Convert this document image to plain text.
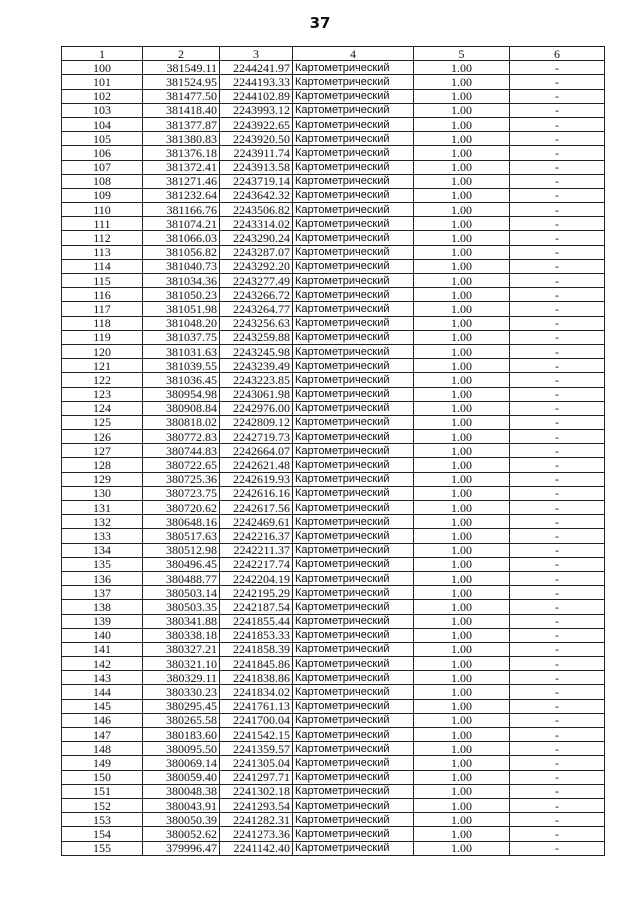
37
1	2	3	4	5	6
100	381549.11	2244241.97	Картометрический	1.00	-
101	381524.95	2244193.33	Картометрический	1.00	-
102	381477.50	2244102.89	Картометрический	1.00	-
103	381418.40	2243993.12	Картометрический	1.00	-
104	381377.87	2243922.65	Картометрический	1.00	-
105	381380.83	2243920.50	Картометрический	1.00	-
106	381376.18	2243911.74	Картометрический	1.00	-
107	381372.41	2243913.58	Картометрический	1.00	-
108	381271.46	2243719.14	Картометрический	1.00	-
109	381232.64	2243642.32	Картометрический	1.00	-
110	381166.76	2243506.82	Картометрический	1.00	-
111	381074.21	2243314.02	Картометрический	1.00	-
112	381066.03	2243290.24	Картометрический	1.00	-
113	381056.82	2243287.07	Картометрический	1.00	-
114	381040.73	2243292.20	Картометрический	1.00	-
115	381034.36	2243277.49	Картометрический	1.00	-
116	381050.23	2243266.72	Картометрический	1.00	-
117	381051.98	2243264.77	Картометрический	1.00	-
118	381048.20	2243256.63	Картометрический	1.00	-
119	381037.75	2243259.88	Картометрический	1.00	-
120	381031.63	2243245.98	Картометрический	1.00	-
121	381039.55	2243239.49	Картометрический	1.00	-
122	381036.45	2243223.85	Картометрический	1.00	-
123	380954.98	2243061.98	Картометрический	1.00	-
124	380908.84	2242976.00	Картометрический	1.00	-
125	380818.02	2242809.12	Картометрический	1.00	-
126	380772.83	2242719.73	Картометрический	1.00	-
127	380744.83	2242664.07	Картометрический	1.00	-
128	380722.65	2242621.48	Картометрический	1.00	-
129	380725.36	2242619.93	Картометрический	1.00	-
130	380723.75	2242616.16	Картометрический	1.00	-
131	380720.62	2242617.56	Картометрический	1.00	-
132	380648.16	2242469.61	Картометрический	1.00	-
133	380517.63	2242216.37	Картометрический	1.00	-
134	380512.98	2242211.37	Картометрический	1.00	-
135	380496.45	2242217.74	Картометрический	1.00	-
136	380488.77	2242204.19	Картометрический	1.00	-
137	380503.14	2242195.29	Картометрический	1.00	-
138	380503.35	2242187.54	Картометрический	1.00	-
139	380341.88	2241855.44	Картометрический	1.00	-
140	380338.18	2241853.33	Картометрический	1.00	-
141	380327.21	2241858.39	Картометрический	1.00	-
142	380321.10	2241845.86	Картометрический	1.00	-
143	380329.11	2241838.86	Картометрический	1.00	-
144	380330.23	2241834.02	Картометрический	1.00	-
145	380295.45	2241761.13	Картометрический	1.00	-
146	380265.58	2241700.04	Картометрический	1.00	-
147	380183.60	2241542.15	Картометрический	1.00	-
148	380095.50	2241359.57	Картометрический	1.00	-
149	380069.14	2241305.04	Картометрический	1.00	-
150	380059.40	2241297.71	Картометрический	1.00	-
151	380048.38	2241302.18	Картометрический	1.00	-
152	380043.91	2241293.54	Картометрический	1.00	-
153	380050.39	2241282.31	Картометрический	1.00	-
154	380052.62	2241273.36	Картометрический	1.00	-
155	379996.47	2241142.40	Картометрический	1.00	-
